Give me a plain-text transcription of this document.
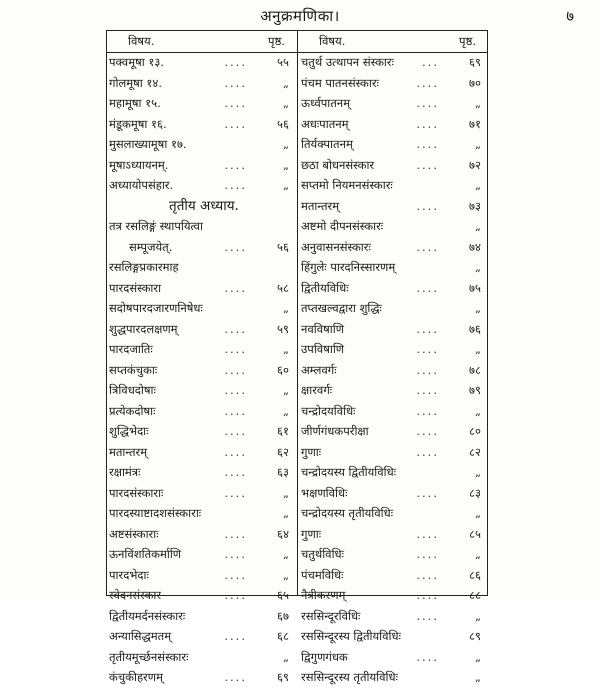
अनुक्रमणिका।	७
विषय.	पृष्ठ.	विषय.	पृष्ठ.
पक्वमूषा १३.	....	५५
गोलमूषा १४.	....	„
महामूषा १५.	....	„
मंडूकमूषा १६.	....	५६
मुसलाख्यामूषा १७.	„
मूषाऽध्यायनम्.	....	„
अध्यायोपसंहार.	....	„
तृतीय अध्याय.
तत्र रसलिङ्गं स्थापयित्वा
सम्पूजयेत्.	....	५६
रसलिङ्गप्रकारमाह
पारदसंस्कारा	....	५८
सदोषपारदजारणनिषेधः	„
शुद्धपारदलक्षणम्	....	५९
पारदजातिः	....	„
सप्तकंचुकाः	....	६०
त्रिविधदोषाः	....	„
प्रत्येकदोषाः	....	„
शुद्धिभेदाः	....	६१
मतान्तरम्	....	६२
रक्षामंत्रः	....	६३
पारदसंस्काराः	....	„
पारदस्याष्टादशसंस्काराः	„
अष्टसंस्काराः	....	६४
ऊनविंशतिकर्माणि	....	„
पारदभेदाः	....	„
स्वेदनसंस्कार	....	६५
द्वितीयमर्दनसंस्कारः	६७
अन्यासिद्धमतम्	....	६८
तृतीयमूर्च्छनसंस्कारः	„
कंचुकीहरणम्	....	६९
चतुर्थ उत्थापन संस्कारः ...	६९
पंचम पातनसंस्कारः	....	७०
ऊर्ध्वपातनम्	....	„
अधःपातनम्	....	७१
तिर्यक्पातनम्	....	„
छठा बोधनसंस्कार	....	७२
सप्तमो नियमनसंस्कारः	„
मतान्तरम्	....	७३
अष्टमो दीपनसंस्कारः	„
अनुवासनसंस्कारः	....	७४
हिंगुलेः पारदनिस्सारणम्	„
द्वितीयविधिः	....	७५
तप्तखल्वद्वारा शुद्धिः	„
नवविषाणि	....	७६
उपविषाणि	....	„
अम्लवर्गः	....	७८
क्षारवर्गः	....	७९
चन्द्रोदयविधिः	....	„
जीर्णगंधकपरीक्षा	....	८०
गुणाः	....	८२
चन्द्रोदयस्य द्वितीयविधिः	„
भक्षणविधिः	....	८३
चन्द्रोदयस्य तृतीयविधिः	„
गुणाः	....	८५
चतुर्थविधिः	....	„
पंचमविधिः	....	८६
नैत्रीकरणम्	....	८८
रससिन्दूरविधिः	....	„
रससिन्दूरस्य द्वितीयविधिः	८९
द्विगुणगंधक	....	„
रससिन्दूरस्य तृतीयविधिः	„
